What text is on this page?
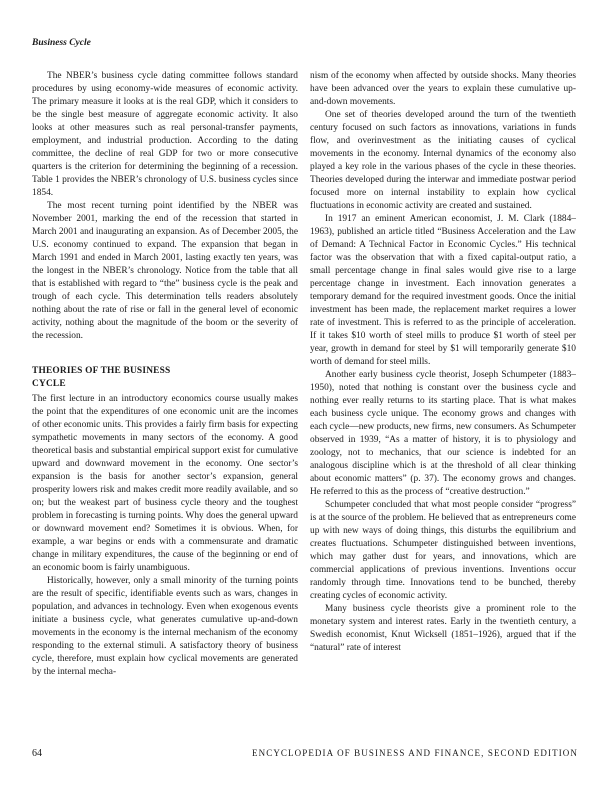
Business Cycle

The NBER’s business cycle dating committee follows standard procedures by using economy-wide measures of economic activity. The primary measure it looks at is the real GDP, which it considers to be the single best measure of aggregate economic activity. It also looks at other measures such as real personal-transfer payments, employment, and industrial production. According to the dating committee, the decline of real GDP for two or more consecutive quarters is the criterion for determining the beginning of a recession. Table 1 provides the NBER’s chronology of U.S. business cycles since 1854.

The most recent turning point identified by the NBER was November 2001, marking the end of the recession that started in March 2001 and inaugurating an expansion. As of December 2005, the U.S. economy continued to expand. The expansion that began in March 1991 and ended in March 2001, lasting exactly ten years, was the longest in the NBER’s chronology. Notice from the table that all that is established with regard to “the” business cycle is the peak and trough of each cycle. This determination tells readers absolutely nothing about the rate of rise or fall in the general level of economic activity, nothing about the magnitude of the boom or the severity of the recession.

THEORIES OF THE BUSINESS
CYCLE

The first lecture in an introductory economics course usually makes the point that the expenditures of one economic unit are the incomes of other economic units. This provides a fairly firm basis for expecting sympathetic movements in many sectors of the economy. A good theoretical basis and substantial empirical support exist for cumulative upward and downward movement in the economy. One sector’s expansion is the basis for another sector’s expansion, general prosperity lowers risk and makes credit more readily available, and so on; but the weakest part of business cycle theory and the toughest problem in forecasting is turning points. Why does the general upward or downward movement end? Sometimes it is obvious. When, for example, a war begins or ends with a commensurate and dramatic change in military expenditures, the cause of the beginning or end of an economic boom is fairly unambiguous.

Historically, however, only a small minority of the turning points are the result of specific, identifiable events such as wars, changes in population, and advances in technology. Even when exogenous events initiate a business cycle, what generates cumulative up-and-down movements in the economy is the internal mechanism of the economy responding to the external stimuli. A satisfactory theory of business cycle, therefore, must explain how cyclical movements are generated by the internal mecha-

nism of the economy when affected by outside shocks. Many theories have been advanced over the years to explain these cumulative up-and-down movements.

One set of theories developed around the turn of the twentieth century focused on such factors as innovations, variations in funds flow, and overinvestment as the initiating causes of cyclical movements in the economy. Internal dynamics of the economy also played a key role in the various phases of the cycle in these theories. Theories developed during the interwar and immediate postwar period focused more on internal instability to explain how cyclical fluctuations in economic activity are created and sustained.

In 1917 an eminent American economist, J. M. Clark (1884–1963), published an article titled “Business Acceleration and the Law of Demand: A Technical Factor in Economic Cycles.” His technical factor was the observation that with a fixed capital-output ratio, a small percentage change in final sales would give rise to a large percentage change in investment. Each innovation generates a temporary demand for the required investment goods. Once the initial investment has been made, the replacement market requires a lower rate of investment. This is referred to as the principle of acceleration. If it takes $10 worth of steel mills to produce $1 worth of steel per year, growth in demand for steel by $1 will temporarily generate $10 worth of demand for steel mills.

Another early business cycle theorist, Joseph Schumpeter (1883–1950), noted that nothing is constant over the business cycle and nothing ever really returns to its starting place. That is what makes each business cycle unique. The economy grows and changes with each cycle—new products, new firms, new consumers. As Schumpeter observed in 1939, “As a matter of history, it is to physiology and zoology, not to mechanics, that our science is indebted for an analogous discipline which is at the threshold of all clear thinking about economic matters” (p. 37). The economy grows and changes. He referred to this as the process of “creative destruction.”

Schumpeter concluded that what most people consider “progress” is at the source of the problem. He believed that as entrepreneurs come up with new ways of doing things, this disturbs the equilibrium and creates fluctuations. Schumpeter distinguished between inventions, which may gather dust for years, and innovations, which are commercial applications of previous inventions. Inventions occur randomly through time. Innovations tend to be bunched, thereby creating cycles of economic activity.

Many business cycle theorists give a prominent role to the monetary system and interest rates. Early in the twentieth century, a Swedish economist, Knut Wicksell (1851–1926), argued that if the “natural” rate of interest

64	ENCYCLOPEDIA OF BUSINESS AND FINANCE, SECOND EDITION
